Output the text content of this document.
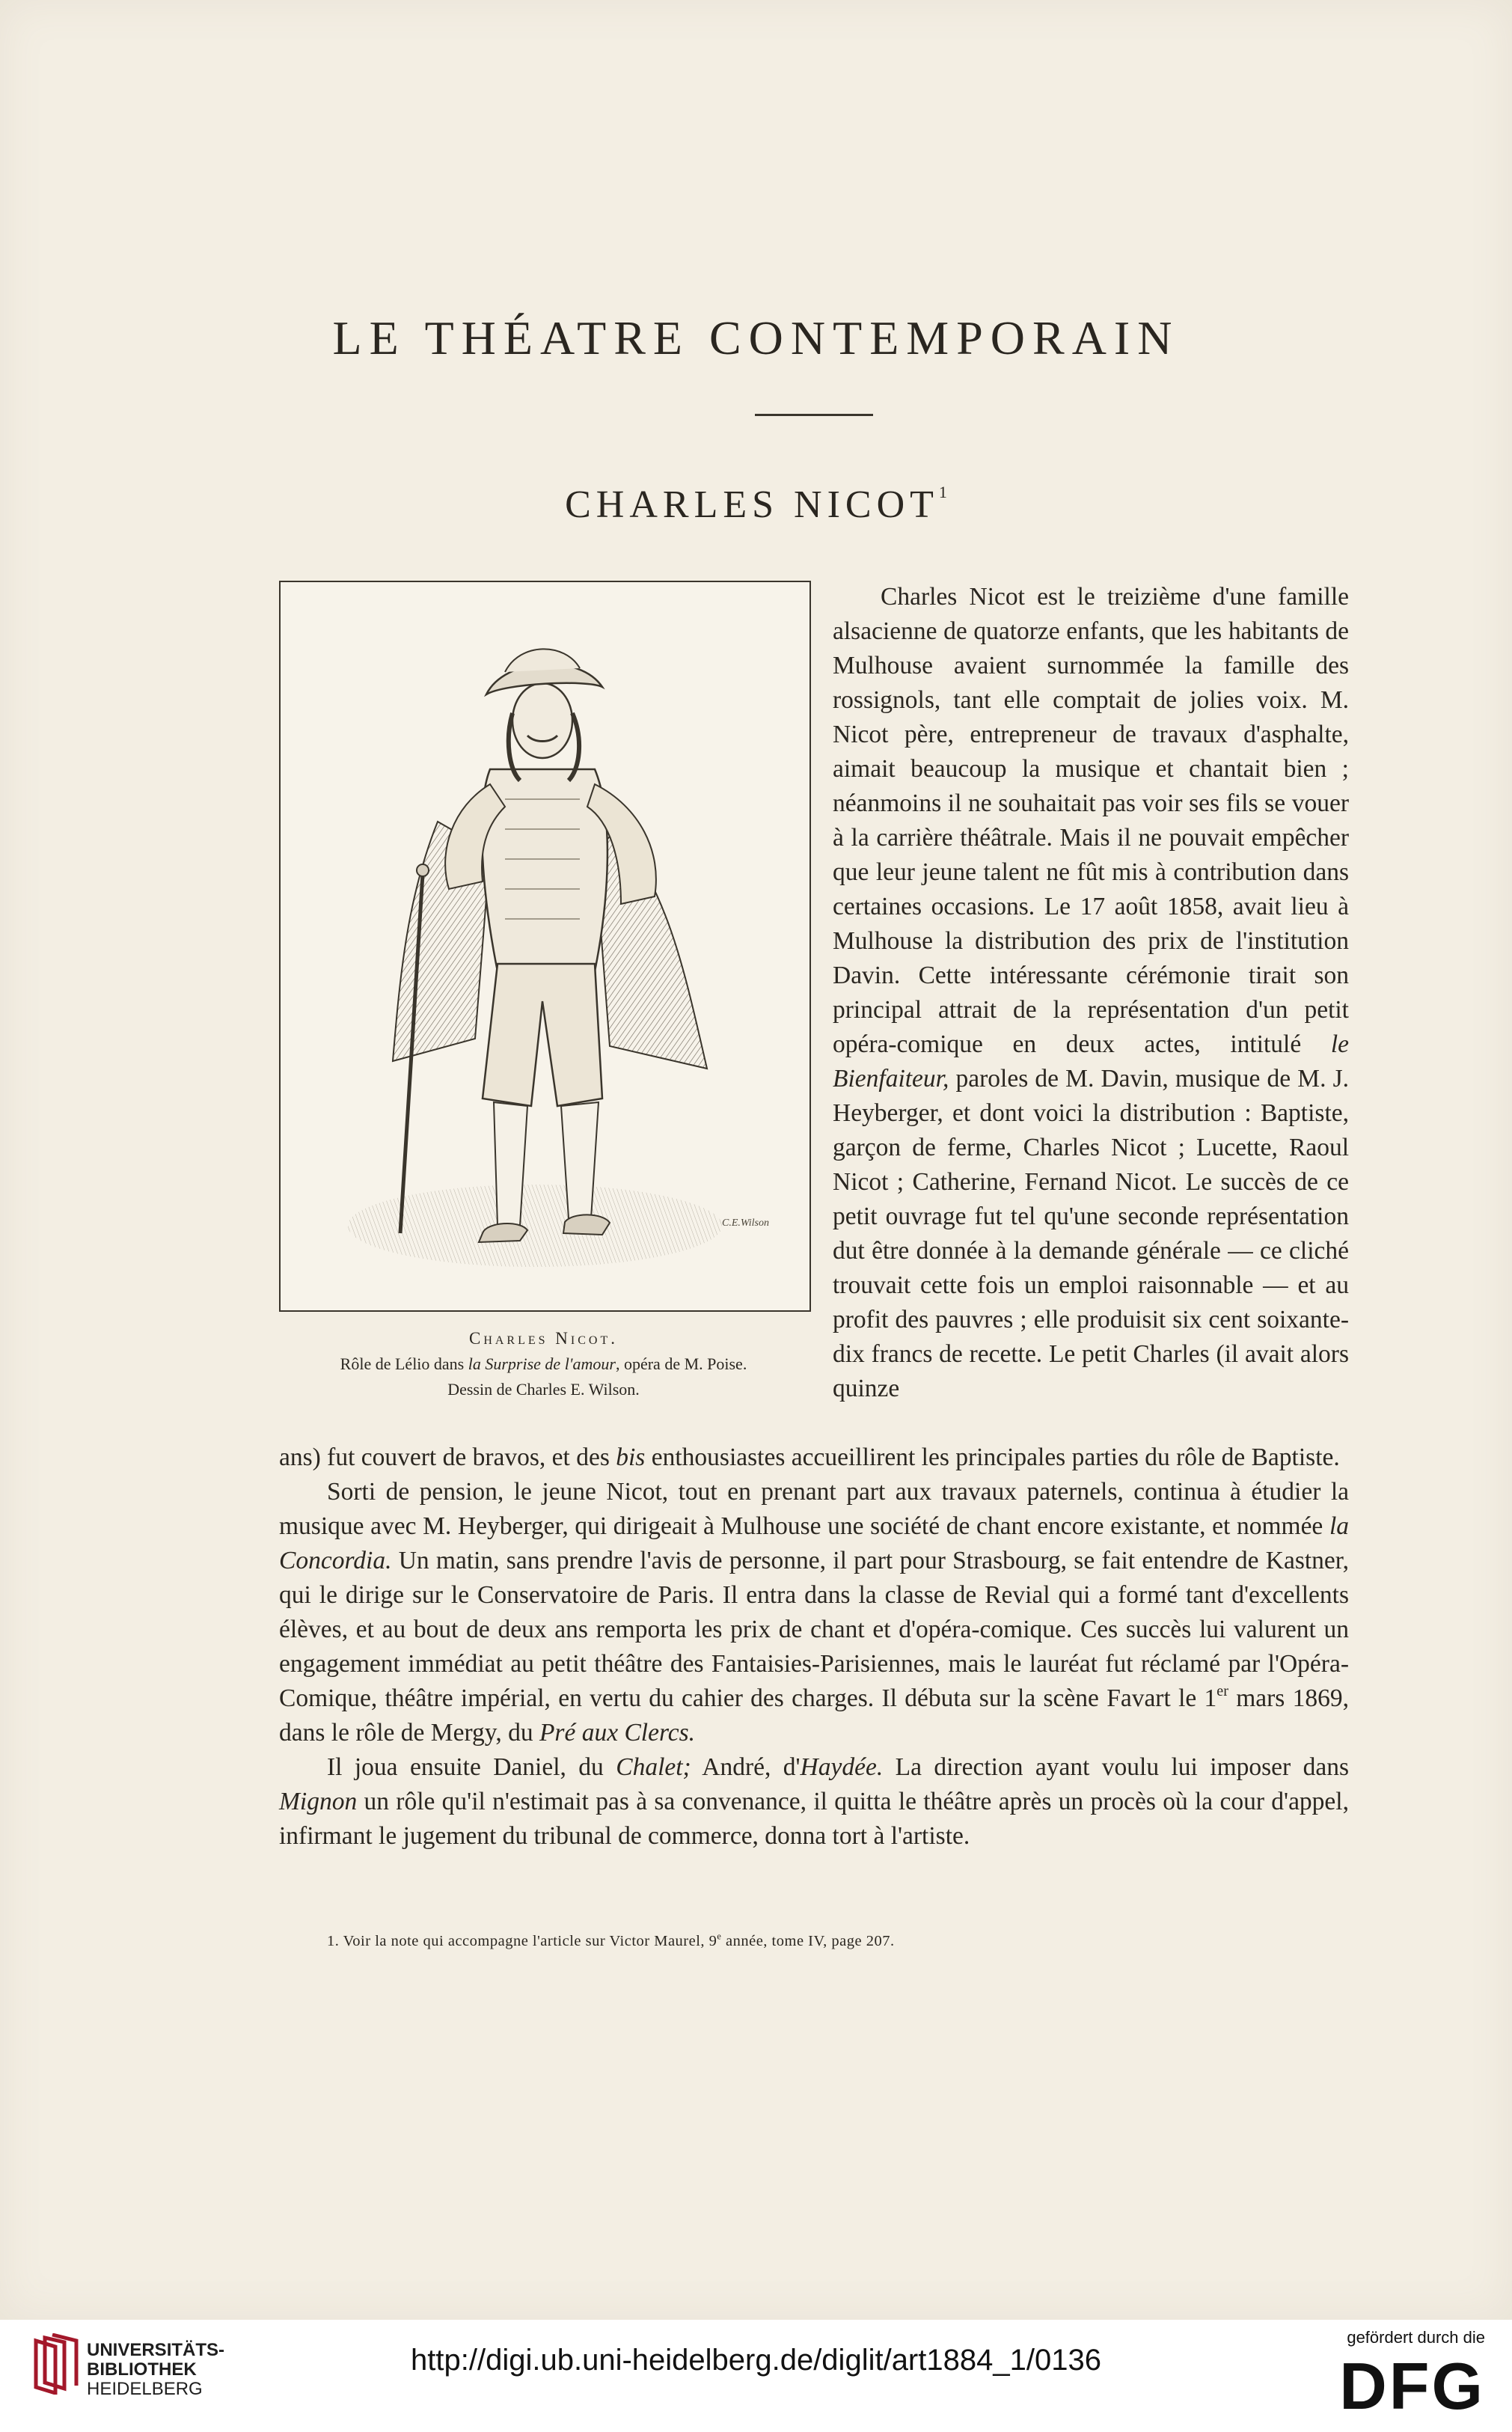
LE THÉATRE CONTEMPORAIN
CHARLES NICOT$^1$
C.E.Wilson
Charles Nicot.
Rôle de Lélio dans la Surprise de l'amour, opéra de M. Poise.
Dessin de Charles E. Wilson.

Charles Nicot est le treizième d'une famille alsacienne de quatorze enfants, que les habitants de Mulhouse avaient surnommée la famille des rossignols, tant elle comptait de jolies voix. M. Nicot père, entrepreneur de travaux d'asphalte, aimait beaucoup la musique et chantait bien ; néanmoins il ne souhaitait pas voir ses fils se vouer à la carrière théâtrale. Mais il ne pouvait empêcher que leur jeune talent ne fût mis à contribution dans certaines occasions. Le 17 août 1858, avait lieu à Mulhouse la distribution des prix de l'institution Davin. Cette intéressante cérémonie tirait son principal attrait de la représentation d'un petit opéra-comique en deux actes, intitulé le Bienfaiteur, paroles de M. Davin, musique de M. J. Heyberger, et dont voici la distribution : Baptiste, garçon de ferme, Charles Nicot ; Lucette, Raoul Nicot ; Catherine, Fernand Nicot. Le succès de ce petit ouvrage fut tel qu'une seconde représentation dut être donnée à la demande générale — ce cliché trouvait cette fois un emploi raisonnable — et au profit des pauvres ; elle produisit six cent soixante-dix francs de recette. Le petit Charles (il avait alors quinze

ans) fut couvert de bravos, et des bis enthousiastes accueillirent les principales parties du rôle de Baptiste.

Sorti de pension, le jeune Nicot, tout en prenant part aux travaux paternels, continua à étudier la musique avec M. Heyberger, qui dirigeait à Mulhouse une société de chant encore existante, et nommée la Concordia. Un matin, sans prendre l'avis de personne, il part pour Strasbourg, se fait entendre de Kastner, qui le dirige sur le Conservatoire de Paris. Il entra dans la classe de Revial qui a formé tant d'excellents élèves, et au bout de deux ans remporta les prix de chant et d'opéra-comique. Ces succès lui valurent un engagement immédiat au petit théâtre des Fantaisies-Parisiennes, mais le lauréat fut réclamé par l'Opéra-Comique, théâtre impérial, en vertu du cahier des charges. Il débuta sur la scène Favart le 1er mars 1869, dans le rôle de Mergy, du Pré aux Clercs.

Il joua ensuite Daniel, du Chalet; André, d'Haydée. La direction ayant voulu lui imposer dans Mignon un rôle qu'il n'estimait pas à sa convenance, il quitta le théâtre après un procès où la cour d'appel, infirmant le jugement du tribunal de commerce, donna tort à l'artiste.

1. Voir la note qui accompagne l'article sur Victor Maurel, 9e année, tome IV, page 207.
UNIVERSITÄTS-
BIBLIOTHEK
HEIDELBERG
http://digi.ub.uni-heidelberg.de/diglit/art1884_1/0136
gefördert durch die
DFG
